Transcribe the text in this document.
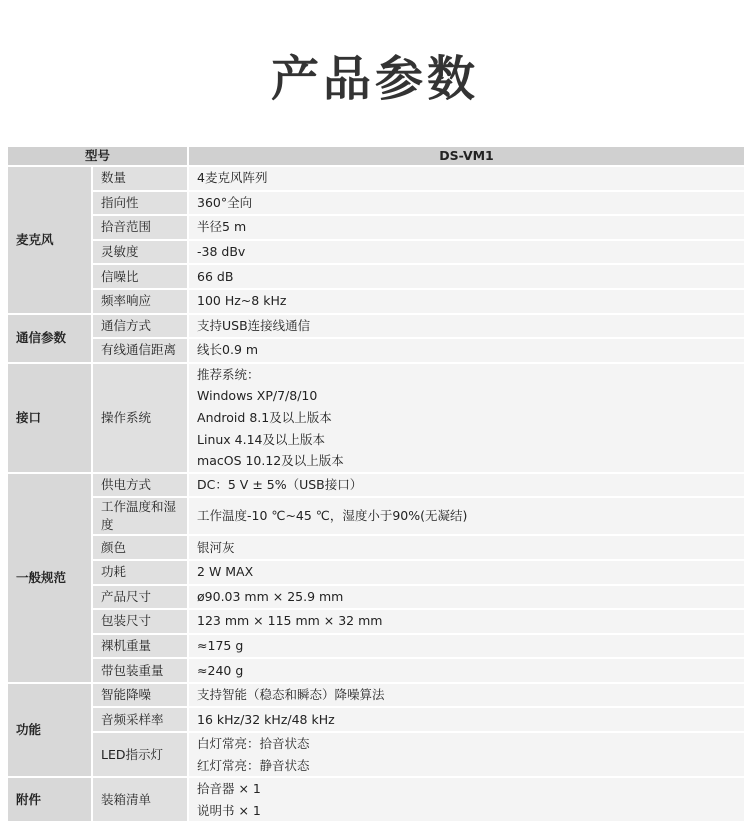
产品参数
型号		DS-VM1
麦克风	数量	4麦克风阵列
	指向性	360°全向
	拾音范围	半径5 m
	灵敏度	-38 dBv
	信噪比	66 dB
	频率响应	100 Hz~8 kHz
通信参数	通信方式	支持USB连接线通信
	有线通信距离	线长0.9 m
接口	操作系统	推荐系统：
Windows XP/7/8/10
Android 8.1及以上版本
Linux 4.14及以上版本
macOS 10.12及以上版本

一般规范	供电方式	DC：5 V ± 5%（USB接口）
	工作温度和湿度	工作温度-10 ℃~45 ℃，湿度小于90%(无凝结)
	颜色	银河灰
	功耗	2 W MAX
	产品尺寸	ø90.03 mm × 25.9 mm
	包装尺寸	123 mm × 115 mm × 32 mm
	裸机重量	≈175 g
	带包装重量	≈240 g
功能	智能降噪	支持智能（稳态和瞬态）降噪算法
	音频采样率	16 kHz/32 kHz/48 kHz
	LED指示灯	白灯常亮：拾音状态
红灯常亮：静音状态

附件	装箱清单	拾音器 × 1
说明书 × 1
